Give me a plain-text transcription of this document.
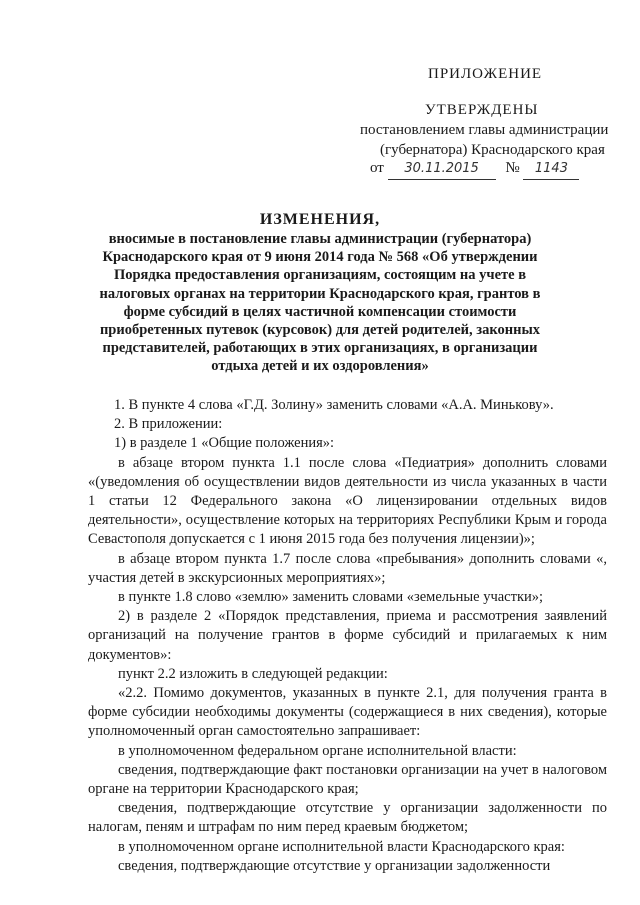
ПРИЛОЖЕНИЕ
УТВЕРЖДЕНЫ
постановлением главы администрации
(губернатора) Краснодарского края
от 30.11.2015 № 1143
ИЗМЕНЕНИЯ,
вносимые в постановление главы администрации (губернатора) Краснодарского края от 9 июня 2014 года № 568 «Об утверждении Порядка предоставления организациям, состоящим на учете в налоговых органах на территории Краснодарского края, грантов в форме субсидий в целях частичной компенсации стоимости приобретенных путевок (курсовок) для детей родителей, законных представителей, работающих в этих организациях, в организации отдыха детей и их оздоровления»

1. В пункте 4 слова «Г.Д. Золину» заменить словами «А.А. Минькову».

2. В приложении:

1) в разделе 1 «Общие положения»:

в абзаце втором пункта 1.1 после слова «Педиатрия» дополнить словами «(уведомления об осуществлении видов деятельности из числа указанных в части 1 статьи 12 Федерального закона «О лицензировании отдельных видов деятельности», осуществление которых на территориях Республики Крым и города Севастополя допускается с 1 июня 2015 года без получения лицензии)»;

в абзаце втором пункта 1.7 после слова «пребывания» дополнить словами «, участия детей в экскурсионных мероприятиях»;

в пункте 1.8 слово «землю» заменить словами «земельные участки»;

2) в разделе 2 «Порядок представления, приема и рассмотрения заявлений организаций на получение грантов в форме субсидий и прилагаемых к ним документов»:

пункт 2.2 изложить в следующей редакции:

«2.2. Помимо документов, указанных в пункте 2.1, для получения гранта в форме субсидии необходимы документы (содержащиеся в них сведения), которые уполномоченный орган самостоятельно запрашивает:

в уполномоченном федеральном органе исполнительной власти:

сведения, подтверждающие факт постановки организации на учет в налоговом органе на территории Краснодарского края;

сведения, подтверждающие отсутствие у организации задолженности по налогам, пеням и штрафам по ним перед краевым бюджетом;

в уполномоченном органе исполнительной власти Краснодарского края:

сведения, подтверждающие отсутствие у организации задолженности
